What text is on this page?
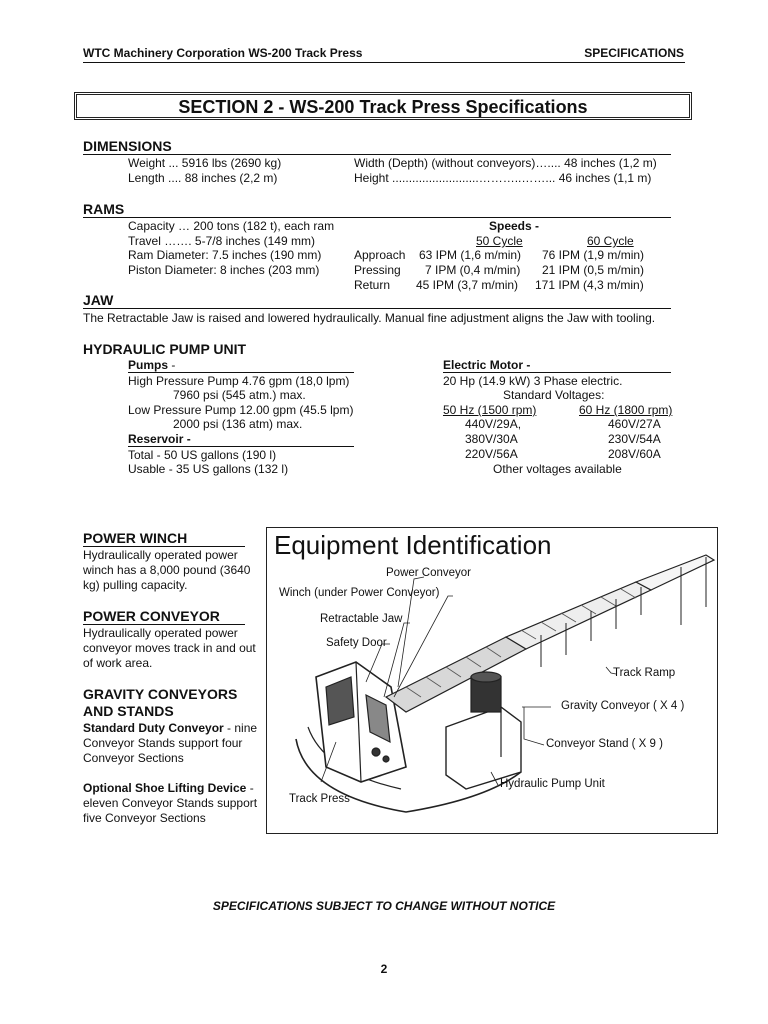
WTC Machinery Corporation WS-200 Track Press	SPECIFICATIONS
SECTION 2 - WS-200 Track Press Specifications
DIMENSIONS
Weight ... 5916 lbs (2690 kg)
Length .... 88 inches (2,2 m)
Width (Depth) (without conveyors)….... 48 inches (1,2 m)
Height ..........................………..……... 46 inches (1,1 m)
RAMS
Capacity … 200 tons (182 t), each ram
Travel ……. 5-7/8 inches (149 mm)
Ram Diameter: 7.5 inches (190 mm)
Piston Diameter: 8 inches (203 mm)
Speeds -
50 Cycle	60 Cycle
Approach 63 IPM (1,6 m/min) 76 IPM (1,9 m/min)
Pressing 7 IPM (0,4 m/min) 21 IPM (0,5 m/min)
Return 45 IPM (3,7 m/min) 171 IPM (4,3 m/min)
JAW
The Retractable Jaw is raised and lowered hydraulically. Manual fine adjustment aligns the Jaw with tooling.
HYDRAULIC PUMP UNIT
Pumps -
High Pressure Pump 4.76 gpm (18,0 lpm)
7960 psi (545 atm.) max.
Low Pressure Pump 12.00 gpm (45.5 lpm)
2000 psi (136 atm) max.
Reservoir -
Total - 50 US gallons (190 l)
Usable - 35 US gallons (132 l)
Electric Motor -
20 Hp (14.9 kW) 3 Phase electric.
Standard Voltages:
50 Hz (1500 rpm)	60 Hz (1800 rpm)
440V/29A,	460V/27A
380V/30A	230V/54A
220V/56A	208V/60A
Other voltages available
POWER WINCH
Hydraulically operated power winch has a 8,000 pound (3640 kg) pulling capacity.
POWER CONVEYOR
Hydraulically operated power conveyor moves track in and out of work area.
GRAVITY CONVEYORS
AND STANDS
Standard Duty Conveyor - nine Conveyor Stands support four Conveyor Sections
Optional Shoe Lifting Device - eleven Conveyor Stands support five Conveyor Sections
Equipment Identification
Power Conveyor
Winch (under Power Conveyor)
Retractable Jaw
Safety Door
Track Ramp
Gravity Conveyor ( X 4 )
Conveyor Stand ( X 9 )
Hydraulic Pump Unit
Track Press
SPECIFICATIONS SUBJECT TO CHANGE WITHOUT NOTICE
2
